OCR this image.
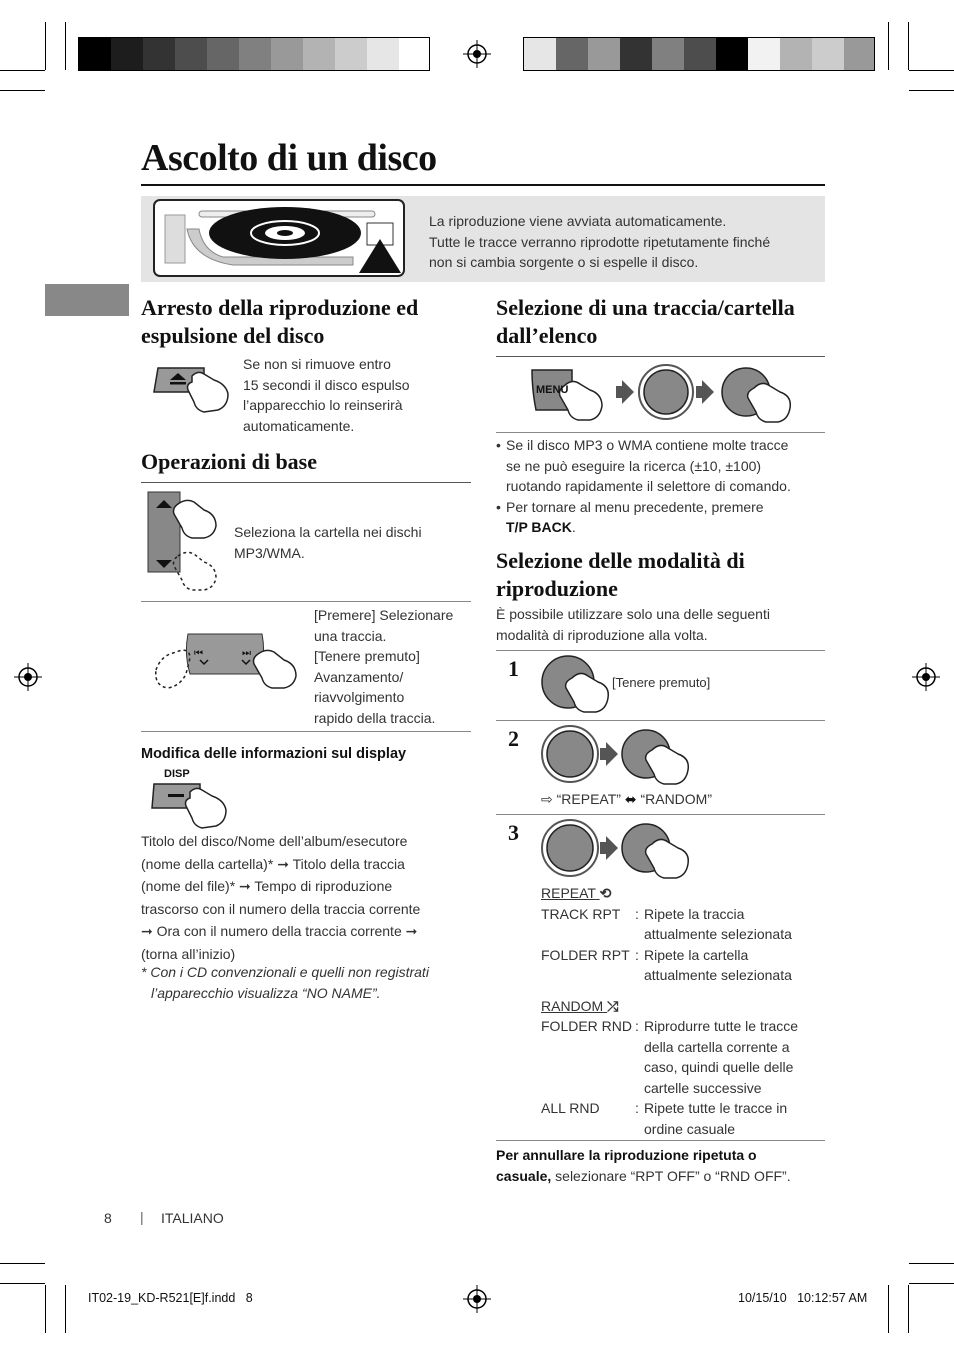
Ascolto di un disco
La riproduzione viene avviata automaticamente.
Tutte le tracce verranno riprodotte ripetutamente finché
non si cambia sorgente o si espelle il disco.
Arresto della riproduzione ed
espulsione del disco
Se non si rimuove entro
15 secondi il disco espulso
l’apparecchio lo reinserirà
automaticamente.
Operazioni di base
Seleziona la cartella nei dischi
MP3/WMA.
⏮	⏭
[Premere] Selezionare
una traccia.
[Tenere premuto]
Avanzamento/
riavvolgimento
rapido della traccia.
Modifica delle informazioni sul display
DISP
Titolo del disco/Nome dell’album/esecutore
(nome della cartella)* ➞ Titolo della traccia
(nome del file)* ➞ Tempo di riproduzione
trascorso con il numero della traccia corrente
➞ Ora con il numero della traccia corrente ➞
(torna all’inizio)
* Con i CD convenzionali e quelli non registrati
l’apparecchio visualizza “NO NAME”.
Selezione di una traccia/cartella
dall’elenco
MENU
• Se il disco MP3 o WMA contiene molte tracce
se ne può eseguire la ricerca (±10, ±100)
ruotando rapidamente il selettore di comando.
• Per tornare al menu precedente, premere
T/P BACK.
Selezione delle modalità di
riproduzione
È possibile utilizzare solo una delle seguenti
modalità di riproduzione alla volta.
1
[Tenere premuto]
2
⇨ “REPEAT” ⬌ “RANDOM”
3
REPEAT ⟲
TRACK RPT	:	Ripete la traccia
attualmente selezionata

FOLDER RPT	:	Ripete la cartella
attualmente selezionata
RANDOM ⤮
FOLDER RND	:	Riprodurre tutte le tracce
della cartella corrente a
caso, quindi quelle delle
cartelle successive

ALL RND	:	Ripete tutte le tracce in
ordine casuale
Per annullare la riproduzione ripetuta o
casuale, selezionare “RPT OFF” o “RND OFF”.
8 | ITALIANO
IT02-19_KD-R521[E]f.indd   8	10/15/10   10:12:57 AM
